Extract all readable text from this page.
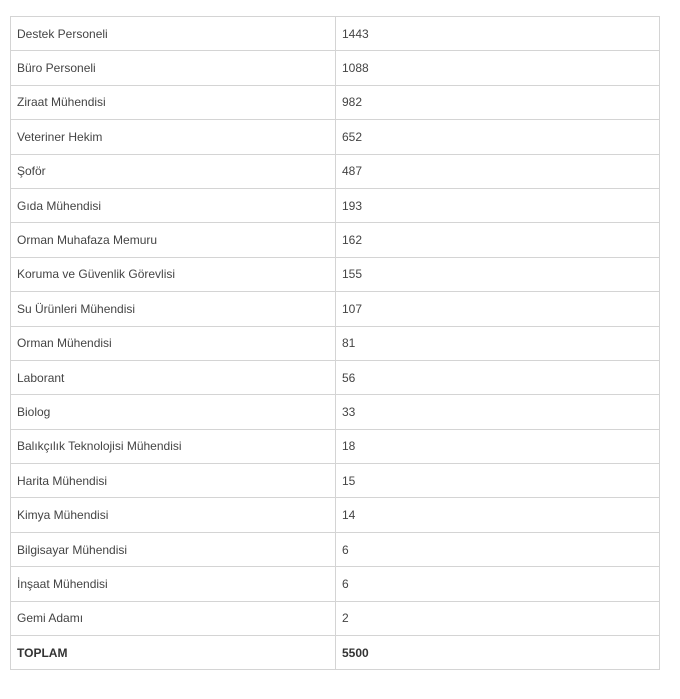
Destek Personeli	1443
Büro Personeli	1088
Ziraat Mühendisi	982
Veteriner Hekim	652
Şoför	487
Gıda Mühendisi	193
Orman Muhafaza Memuru	162
Koruma ve Güvenlik Görevlisi	155
Su Ürünleri Mühendisi	107
Orman Mühendisi	81
Laborant	56
Biolog	33
Balıkçılık Teknolojisi Mühendisi	18
Harita Mühendisi	15
Kimya Mühendisi	14
Bilgisayar Mühendisi	6
İnşaat Mühendisi	6
Gemi Adamı	2
TOPLAM	5500
